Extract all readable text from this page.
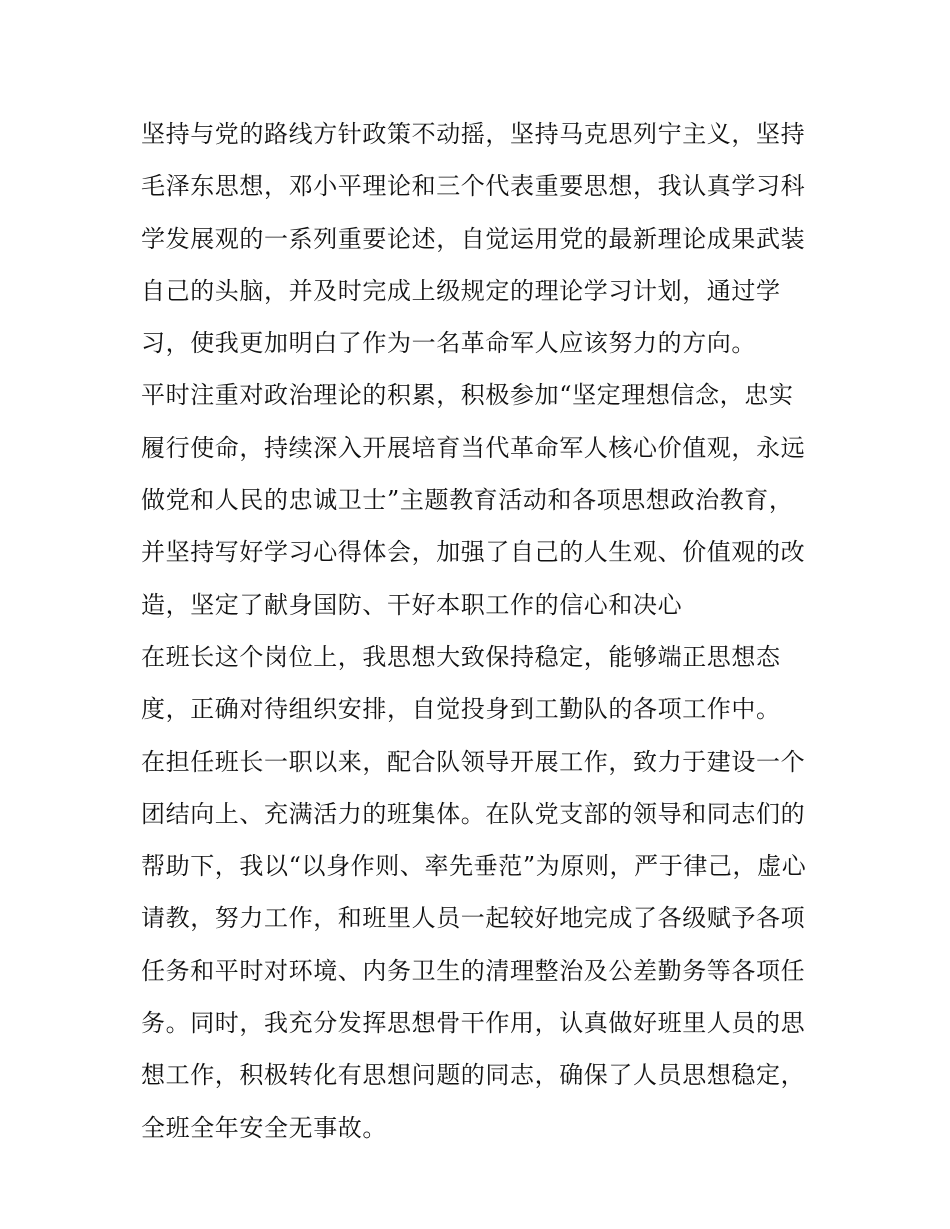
坚持与党的路线方针政策不动摇，坚持马克思列宁主义，坚持
毛泽东思想，邓小平理论和三个代表重要思想，我认真学习科
学发展观的一系列重要论述，自觉运用党的最新理论成果武装
自己的头脑，并及时完成上级规定的理论学习计划，通过学
习，使我更加明白了作为一名革命军人应该努力的方向。
平时注重对政治理论的积累，积极参加“坚定理想信念，忠实
履行使命，持续深入开展培育当代革命军人核心价值观，永远
做党和人民的忠诚卫士”主题教育活动和各项思想政治教育，
并坚持写好学习心得体会，加强了自己的人生观、价值观的改
造，坚定了献身国防、干好本职工作的信心和决心
在班长这个岗位上，我思想大致保持稳定，能够端正思想态
度，正确对待组织安排，自觉投身到工勤队的各项工作中。
在担任班长一职以来，配合队领导开展工作，致力于建设一个
团结向上、充满活力的班集体。在队党支部的领导和同志们的
帮助下，我以“以身作则、率先垂范”为原则，严于律己，虚心
请教，努力工作，和班里人员一起较好地完成了各级赋予各项
任务和平时对环境、内务卫生的清理整治及公差勤务等各项任
务。同时，我充分发挥思想骨干作用，认真做好班里人员的思
想工作，积极转化有思想问题的同志，确保了人员思想稳定，
全班全年安全无事故。
